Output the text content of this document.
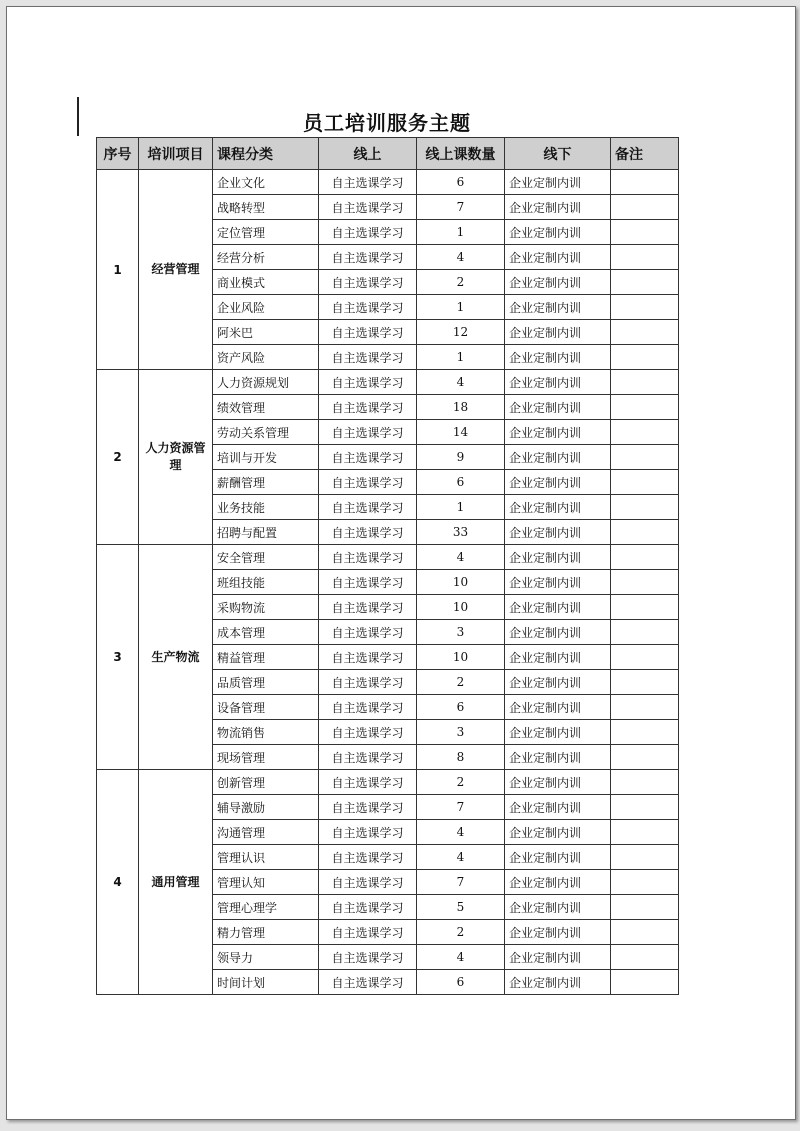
员工培训服务主题
序号	培训项目	课程分类	线上	线上课数量	线下	备注
1	经营管理	企业文化	自主选课学习	6	企业定制内训	
		战略转型	自主选课学习	7	企业定制内训	
		定位管理	自主选课学习	1	企业定制内训	
		经营分析	自主选课学习	4	企业定制内训	
		商业模式	自主选课学习	2	企业定制内训	
		企业风险	自主选课学习	1	企业定制内训	
		阿米巴	自主选课学习	12	企业定制内训	
		资产风险	自主选课学习	1	企业定制内训	
2	人力资源管理	人力资源规划	自主选课学习	4	企业定制内训	
		绩效管理	自主选课学习	18	企业定制内训	
		劳动关系管理	自主选课学习	14	企业定制内训	
		培训与开发	自主选课学习	9	企业定制内训	
		薪酬管理	自主选课学习	6	企业定制内训	
		业务技能	自主选课学习	1	企业定制内训	
		招聘与配置	自主选课学习	33	企业定制内训	
3	生产物流	安全管理	自主选课学习	4	企业定制内训	
		班组技能	自主选课学习	10	企业定制内训	
		采购物流	自主选课学习	10	企业定制内训	
		成本管理	自主选课学习	3	企业定制内训	
		精益管理	自主选课学习	10	企业定制内训	
		品质管理	自主选课学习	2	企业定制内训	
		设备管理	自主选课学习	6	企业定制内训	
		物流销售	自主选课学习	3	企业定制内训	
		现场管理	自主选课学习	8	企业定制内训	
4	通用管理	创新管理	自主选课学习	2	企业定制内训	
		辅导激励	自主选课学习	7	企业定制内训	
		沟通管理	自主选课学习	4	企业定制内训	
		管理认识	自主选课学习	4	企业定制内训	
		管理认知	自主选课学习	7	企业定制内训	
		管理心理学	自主选课学习	5	企业定制内训	
		精力管理	自主选课学习	2	企业定制内训	
		领导力	自主选课学习	4	企业定制内训	
		时间计划	自主选课学习	6	企业定制内训	
